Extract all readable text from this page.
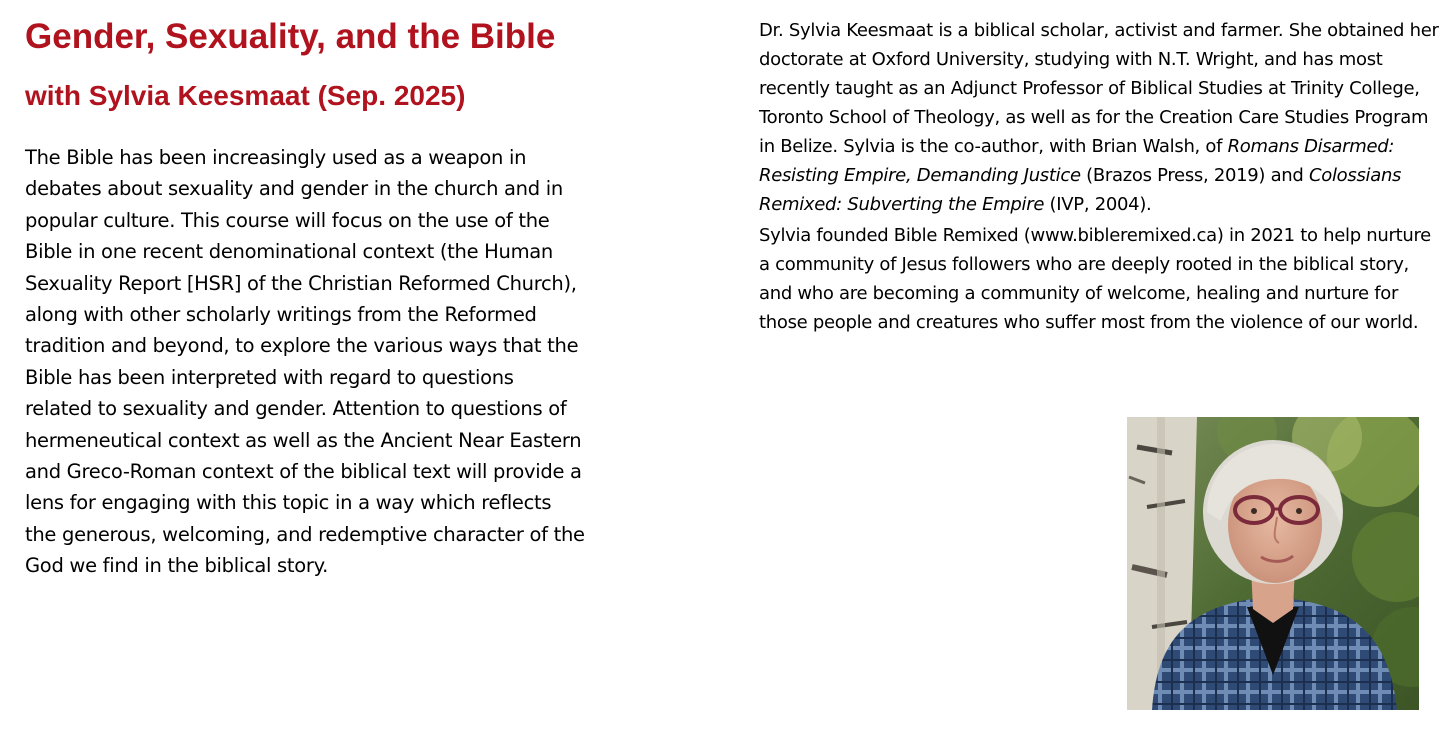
Gender, Sexuality, and the Bible
with Sylvia Keesmaat (Sep. 2025)

The Bible has been increasingly used as a weapon in debates about sexuality and gender in the church and in popular culture. This course will focus on the use of the Bible in one recent denominational context (the Human Sexuality Report [HSR] of the Christian Reformed Church), along with other scholarly writings from the Reformed tradition and beyond, to explore the various ways that the Bible has been interpreted with regard to questions related to sexuality and gender. Attention to questions of hermeneutical context as well as the Ancient Near Eastern and Greco-Roman context of the biblical text will provide a lens for engaging with this topic in a way which reflects the generous, welcoming, and redemptive character of the God we find in the biblical story.

Dr. Sylvia Keesmaat is a biblical scholar, activist and farmer. She obtained her doctorate at Oxford University, studying with N.T. Wright, and has most recently taught as an Adjunct Professor of Biblical Studies at Trinity College, Toronto School of Theology, as well as for the Creation Care Studies Program in Belize. Sylvia is the co-author, with Brian Walsh, of Romans Disarmed: Resisting Empire, Demanding Justice (Brazos Press, 2019) and Colossians Remixed: Subverting the Empire (IVP, 2004).

Sylvia founded Bible Remixed (www.bibleremixed.ca) in 2021 to help nurture a community of Jesus followers who are deeply rooted in the biblical story, and who are becoming a community of welcome, healing and nurture for those people and creatures who suffer most from the violence of our world.
